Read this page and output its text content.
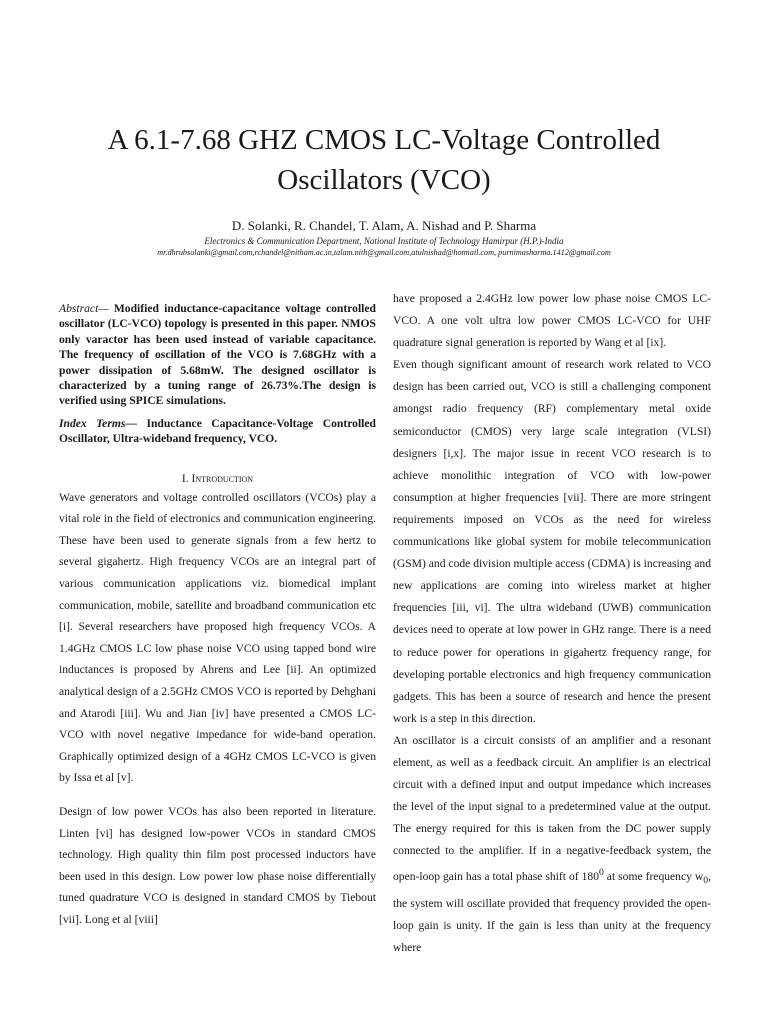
A 6.1-7.68 GHZ CMOS LC-Voltage Controlled
Oscillators (VCO)
D. Solanki, R. Chandel, T. Alam, A. Nishad and P. Sharma
Electronics & Communication Department, National Institute of Technology Hamirpur (H.P.)-India
mr.dhrubsolanki@gmail.com,rchandel@nitham.ac.in,talam.nith@gmail.com,atulnishad@hotmail.com, purnimasharma.1412@gmail.com

Abstract— Modified inductance-capacitance voltage controlled oscillator (LC-VCO) topology is presented in this paper. NMOS only varactor has been used instead of variable capacitance. The frequency of oscillation of the VCO is 7.68GHz with a power dissipation of 5.68mW. The designed oscillator is characterized by a tuning range of 26.73%.The design is verified using SPICE simulations.

Index Terms— Inductance Capacitance-Voltage Controlled Oscillator, Ultra-wideband frequency, VCO.

I. Introduction

Wave generators and voltage controlled oscillators (VCOs) play a vital role in the field of electronics and communication engineering. These have been used to generate signals from a few hertz to several gigahertz. High frequency VCOs are an integral part of various communication applications viz. biomedical implant communication, mobile, satellite and broadband communication etc [i]. Several researchers have proposed high frequency VCOs. A 1.4GHz CMOS LC low phase noise VCO using tapped bond wire inductances is proposed by Ahrens and Lee [ii]. An optimized analytical design of a 2.5GHz CMOS VCO is reported by Dehghani and Atarodi [iii]. Wu and Jian [iv] have presented a CMOS LC-VCO with novel negative impedance for wide-band operation. Graphically optimized design of a 4GHz CMOS LC-VCO is given by Issa et al [v].

Design of low power VCOs has also been reported in literature. Linten [vi] has designed low-power VCOs in standard CMOS technology. High quality thin film post processed inductors have been used in this design. Low power low phase noise differentially tuned quadrature VCO is designed in standard CMOS by Tiebout [vii]. Long et al [viii]

have proposed a 2.4GHz low power low phase noise CMOS LC-VCO. A one volt ultra low power CMOS LC-VCO for UHF quadrature signal generation is reported by Wang et al [ix].

Even though significant amount of research work related to VCO design has been carried out, VCO is still a challenging component amongst radio frequency (RF) complementary metal oxide semiconductor (CMOS) very large scale integration (VLSI) designers [i,x]. The major issue in recent VCO research is to achieve monolithic integration of VCO with low-power consumption at higher frequencies [vii]. There are more stringent requirements imposed on VCOs as the need for wireless communications like global system for mobile telecommunication (GSM) and code division multiple access (CDMA) is increasing and new applications are coming into wireless market at higher frequencies [iii, vi]. The ultra wideband (UWB) communication devices need to operate at low power in GHz range. There is a need to reduce power for operations in gigahertz frequency range, for developing portable electronics and high frequency communication gadgets. This has been a source of research and hence the present work is a step in this direction.

An oscillator is a circuit consists of an amplifier and a resonant element, as well as a feedback circuit. An amplifier is an electrical circuit with a defined input and output impedance which increases the level of the input signal to a predetermined value at the output. The energy required for this is taken from the DC power supply connected to the amplifier. If in a negative-feedback system, the open-loop gain has a total phase shift of $180^0$ at some frequency $w_0$, the system will oscillate provided that frequency provided the open-loop gain is unity. If the gain is less than unity at the frequency where
